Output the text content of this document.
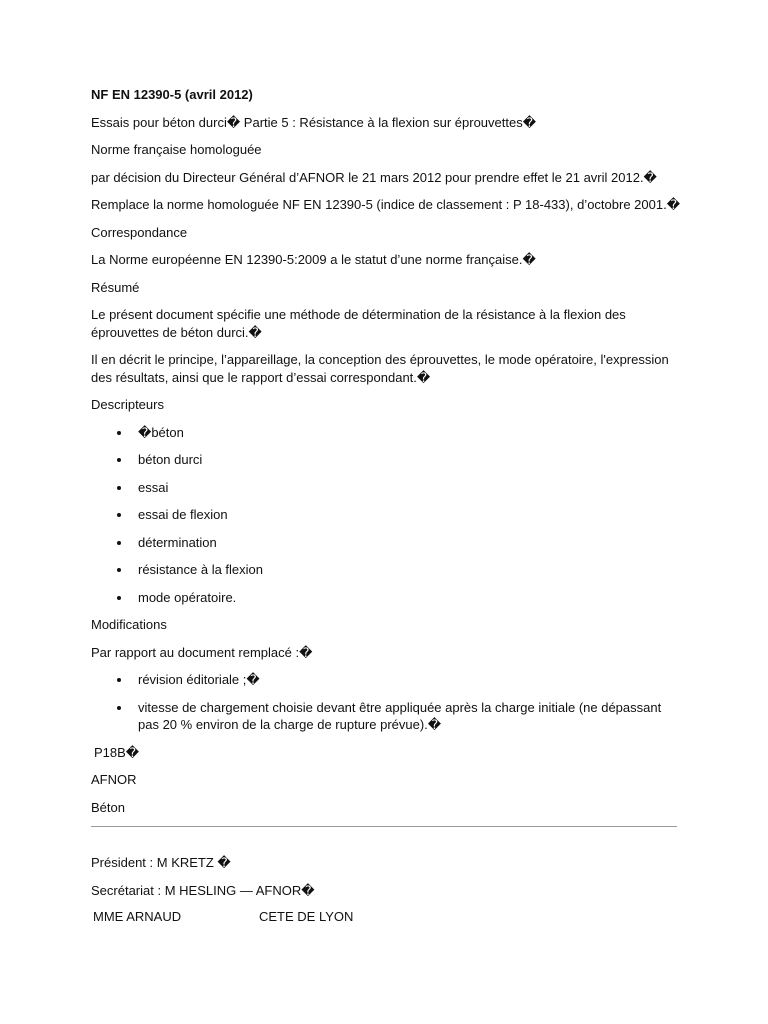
NF EN 12390-5 (avril 2012)

Essais pour béton durci� Partie 5 : Résistance à la flexion sur éprouvettes�

Norme française homologuée

par décision du Directeur Général d’AFNOR le 21 mars 2012 pour prendre effet le 21 avril 2012.�

Remplace la norme homologuée NF EN 12390-5 (indice de classement : P 18-433), d’octobre 2001.�

Correspondance

La Norme européenne EN 12390-5:2009 a le statut d’une norme française.�

Résumé

Le présent document spécifie une méthode de détermination de la résistance à la flexion des éprouvettes de béton durci.�

Il en décrit le principe, l’appareillage, la conception des éprouvettes, le mode opératoire, l'expression des résultats, ainsi que le rapport d’essai correspondant.�

Descripteurs

�béton
béton durci
essai
essai de flexion
détermination
résistance à la flexion
mode opératoire.

Modifications

Par rapport au document remplacé :�

révision éditoriale ;�
vitesse de chargement choisie devant être appliquée après la charge initiale (ne dépassant pas 20 % environ de la charge de rupture prévue).�

P18B�

AFNOR

Béton

Président : M KRETZ �

Secrétariat : M HESLING — AFNOR�

MME ARNAUD	CETE DE LYON
